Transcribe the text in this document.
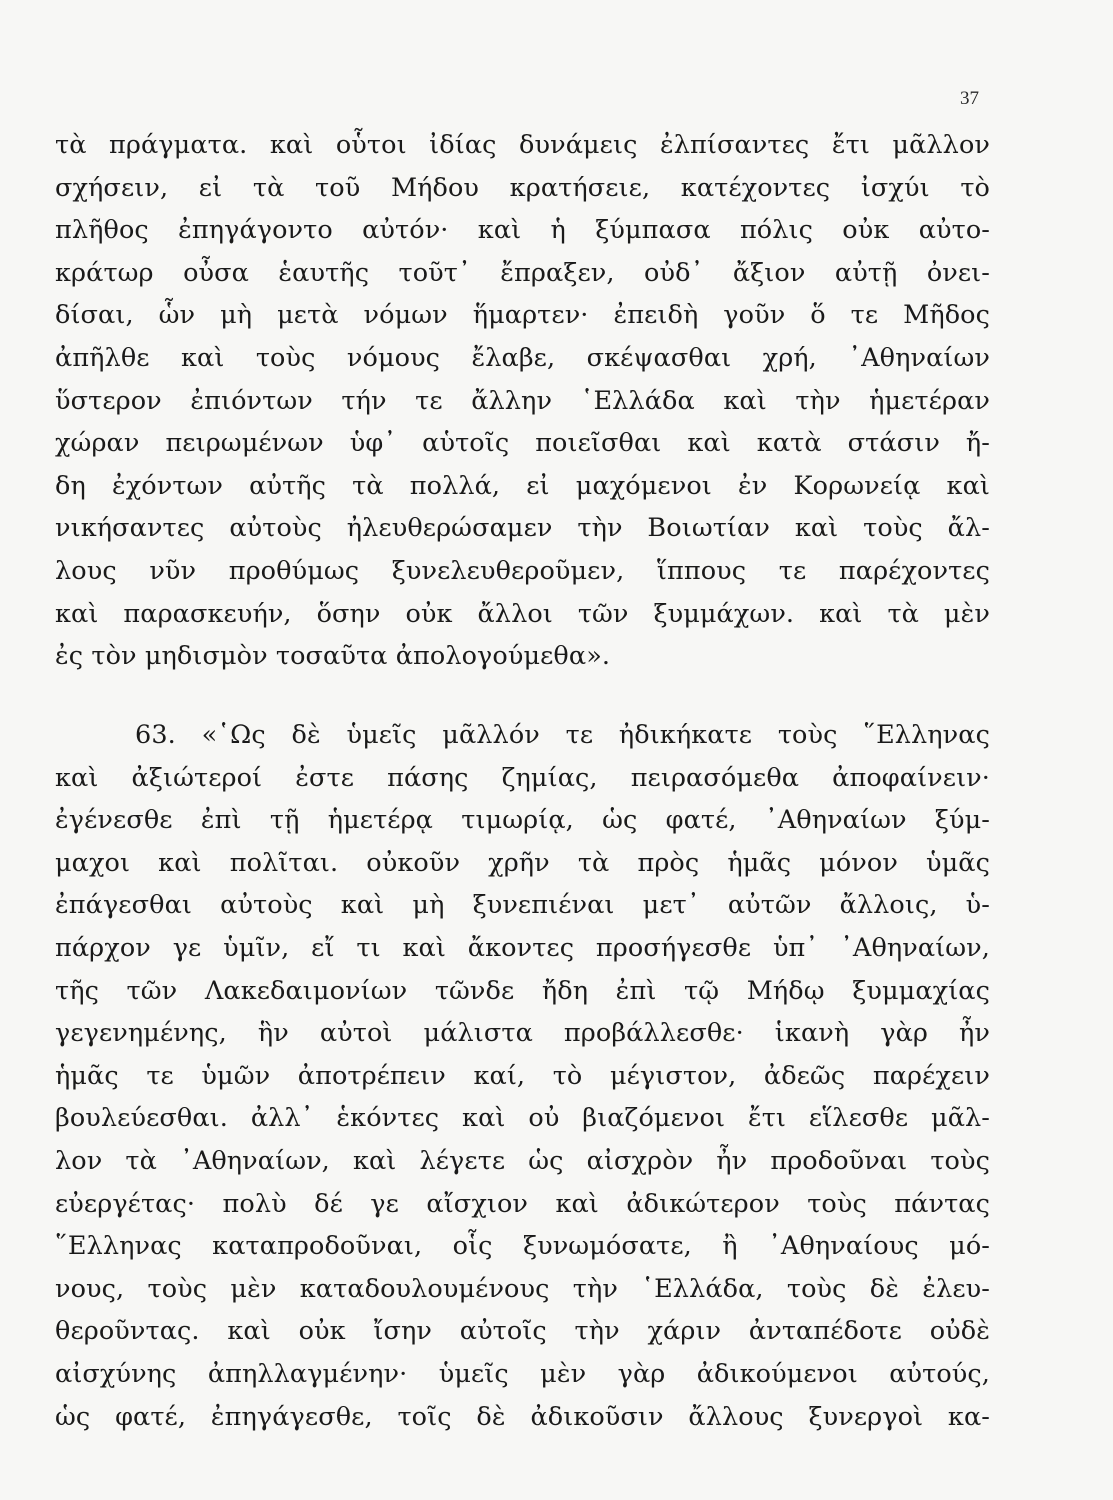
37
τὰ πράγματα. καὶ οὗτοι ἰδίας δυνάμεις ἐλπίσαντες ἔτι μᾶλλον
σχήσειν, εἰ τὰ τοῦ Μήδου κρατήσειε, κατέχοντες ἰσχύι τὸ
πλῆθος ἐπηγάγοντο αὐτόν· καὶ ἡ ξύμπασα πόλις οὐκ αὐτο-
κράτωρ οὖσα ἑαυτῆς τοῦτ᾽ ἔπραξεν, οὐδ᾽ ἄξιον αὐτῇ ὀνει-
δίσαι, ὧν μὴ μετὰ νόμων ἥμαρτεν· ἐπειδὴ γοῦν ὅ τε Μῆδος
ἀπῆλθε καὶ τοὺς νόμους ἔλαβε, σκέψασθαι χρή, ᾽Αθηναίων
ὕστερον ἐπιόντων τήν τε ἄλλην ῾Ελλάδα καὶ τὴν ἡμετέραν
χώραν πειρωμένων ὑφ᾽ αὑτοῖς ποιεῖσθαι καὶ κατὰ στάσιν ἤ-
δη ἐχόντων αὐτῆς τὰ πολλά, εἰ μαχόμενοι ἐν Κορωνείᾳ καὶ
νικήσαντες αὐτοὺς ἠλευθερώσαμεν τὴν Βοιωτίαν καὶ τοὺς ἄλ-
λους νῦν προθύμως ξυνελευθεροῦμεν, ἵππους τε παρέχοντες
καὶ παρασκευήν, ὅσην οὐκ ἄλλοι τῶν ξυμμάχων. καὶ τὰ μὲν
ἐς τὸν μηδισμὸν τοσαῦτα ἀπολογούμεθα».
63. «῾Ως δὲ ὑμεῖς μᾶλλόν τε ἠδικήκατε τοὺς ῞Ελληνας
καὶ ἀξιώτεροί ἐστε πάσης ζημίας, πειρασόμεθα ἀποφαίνειν·
ἐγένεσθε ἐπὶ τῇ ἡμετέρᾳ τιμωρίᾳ, ὡς φατέ, ᾽Αθηναίων ξύμ-
μαχοι καὶ πολῖται. οὐκοῦν χρῆν τὰ πρὸς ἡμᾶς μόνον ὑμᾶς
ἐπάγεσθαι αὐτοὺς καὶ μὴ ξυνεπιέναι μετ᾽ αὐτῶν ἄλλοις, ὑ-
πάρχον γε ὑμῖν, εἴ τι καὶ ἄκοντες προσήγεσθε ὑπ᾽ ᾽Αθηναίων,
τῆς τῶν Λακεδαιμονίων τῶνδε ἤδη ἐπὶ τῷ Μήδῳ ξυμμαχίας
γεγενημένης, ἣν αὐτοὶ μάλιστα προβάλλεσθε· ἱκανὴ γὰρ ἦν
ἡμᾶς τε ὑμῶν ἀποτρέπειν καί, τὸ μέγιστον, ἀδεῶς παρέχειν
βουλεύεσθαι. ἀλλ᾽ ἑκόντες καὶ οὐ βιαζόμενοι ἔτι εἵλεσθε μᾶλ-
λον τὰ ᾽Αθηναίων, καὶ λέγετε ὡς αἰσχρὸν ἦν προδοῦναι τοὺς
εὐεργέτας· πολὺ δέ γε αἴσχιον καὶ ἀδικώτερον τοὺς πάντας
῞Ελληνας καταπροδοῦναι, οἷς ξυνωμόσατε, ἢ ᾽Αθηναίους μό-
νους, τοὺς μὲν καταδουλουμένους τὴν ῾Ελλάδα, τοὺς δὲ ἐλευ-
θεροῦντας. καὶ οὐκ ἴσην αὐτοῖς τὴν χάριν ἀνταπέδοτε οὐδὲ
αἰσχύνης ἀπηλλαγμένην· ὑμεῖς μὲν γὰρ ἀδικούμενοι αὐτούς,
ὡς φατέ, ἐπηγάγεσθε, τοῖς δὲ ἀδικοῦσιν ἄλλους ξυνεργοὶ κα-
